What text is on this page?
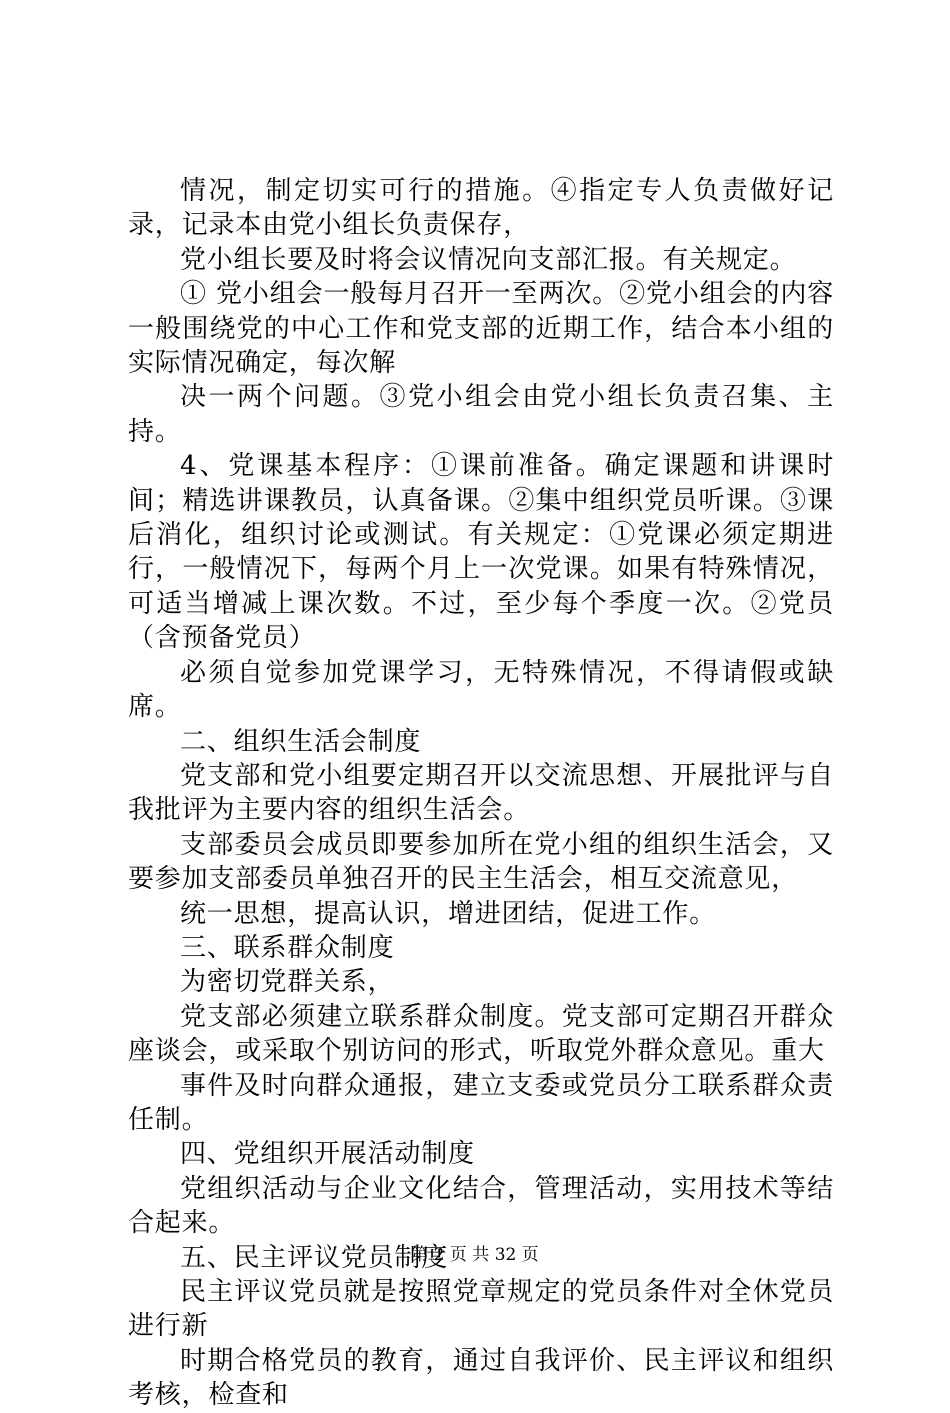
情况，制定切实可行的措施。④指定专人负责做好记录，记录本由党小组长负责保存，

党小组长要及时将会议情况向支部汇报。有关规定。

① 党小组会一般每月召开一至两次。②党小组会的内容一般围绕党的中心工作和党支部的近期工作，结合本小组的实际情况确定，每次解

决一两个问题。③党小组会由党小组长负责召集、主持。

4、党课基本程序：①课前准备。确定课题和讲课时间；精选讲课教员，认真备课。②集中组织党员听课。③课后消化，组织讨论或测试。有关规定：①党课必须定期进行，一般情况下，每两个月上一次党课。如果有特殊情况，可适当增减上课次数。不过，至少每个季度一次。②党员（含预备党员）

必须自觉参加党课学习，无特殊情况，不得请假或缺席。

二、组织生活会制度

党支部和党小组要定期召开以交流思想、开展批评与自我批评为主要内容的组织生活会。

支部委员会成员即要参加所在党小组的组织生活会，又要参加支部委员单独召开的民主生活会，相互交流意见，

统一思想，提高认识，增进团结，促进工作。

三、联系群众制度

为密切党群关系，

党支部必须建立联系群众制度。党支部可定期召开群众座谈会，或采取个别访问的形式，听取党外群众意见。重大

事件及时向群众通报，建立支委或党员分工联系群众责任制。

四、党组织开展活动制度

党组织活动与企业文化结合，管理活动，实用技术等结合起来。

五、民主评议党员制度

民主评议党员就是按照党章规定的党员条件对全休党员进行新

时期合格党员的教育，通过自我评价、民主评议和组织考核，检查和

第 2 页 共 32 页
